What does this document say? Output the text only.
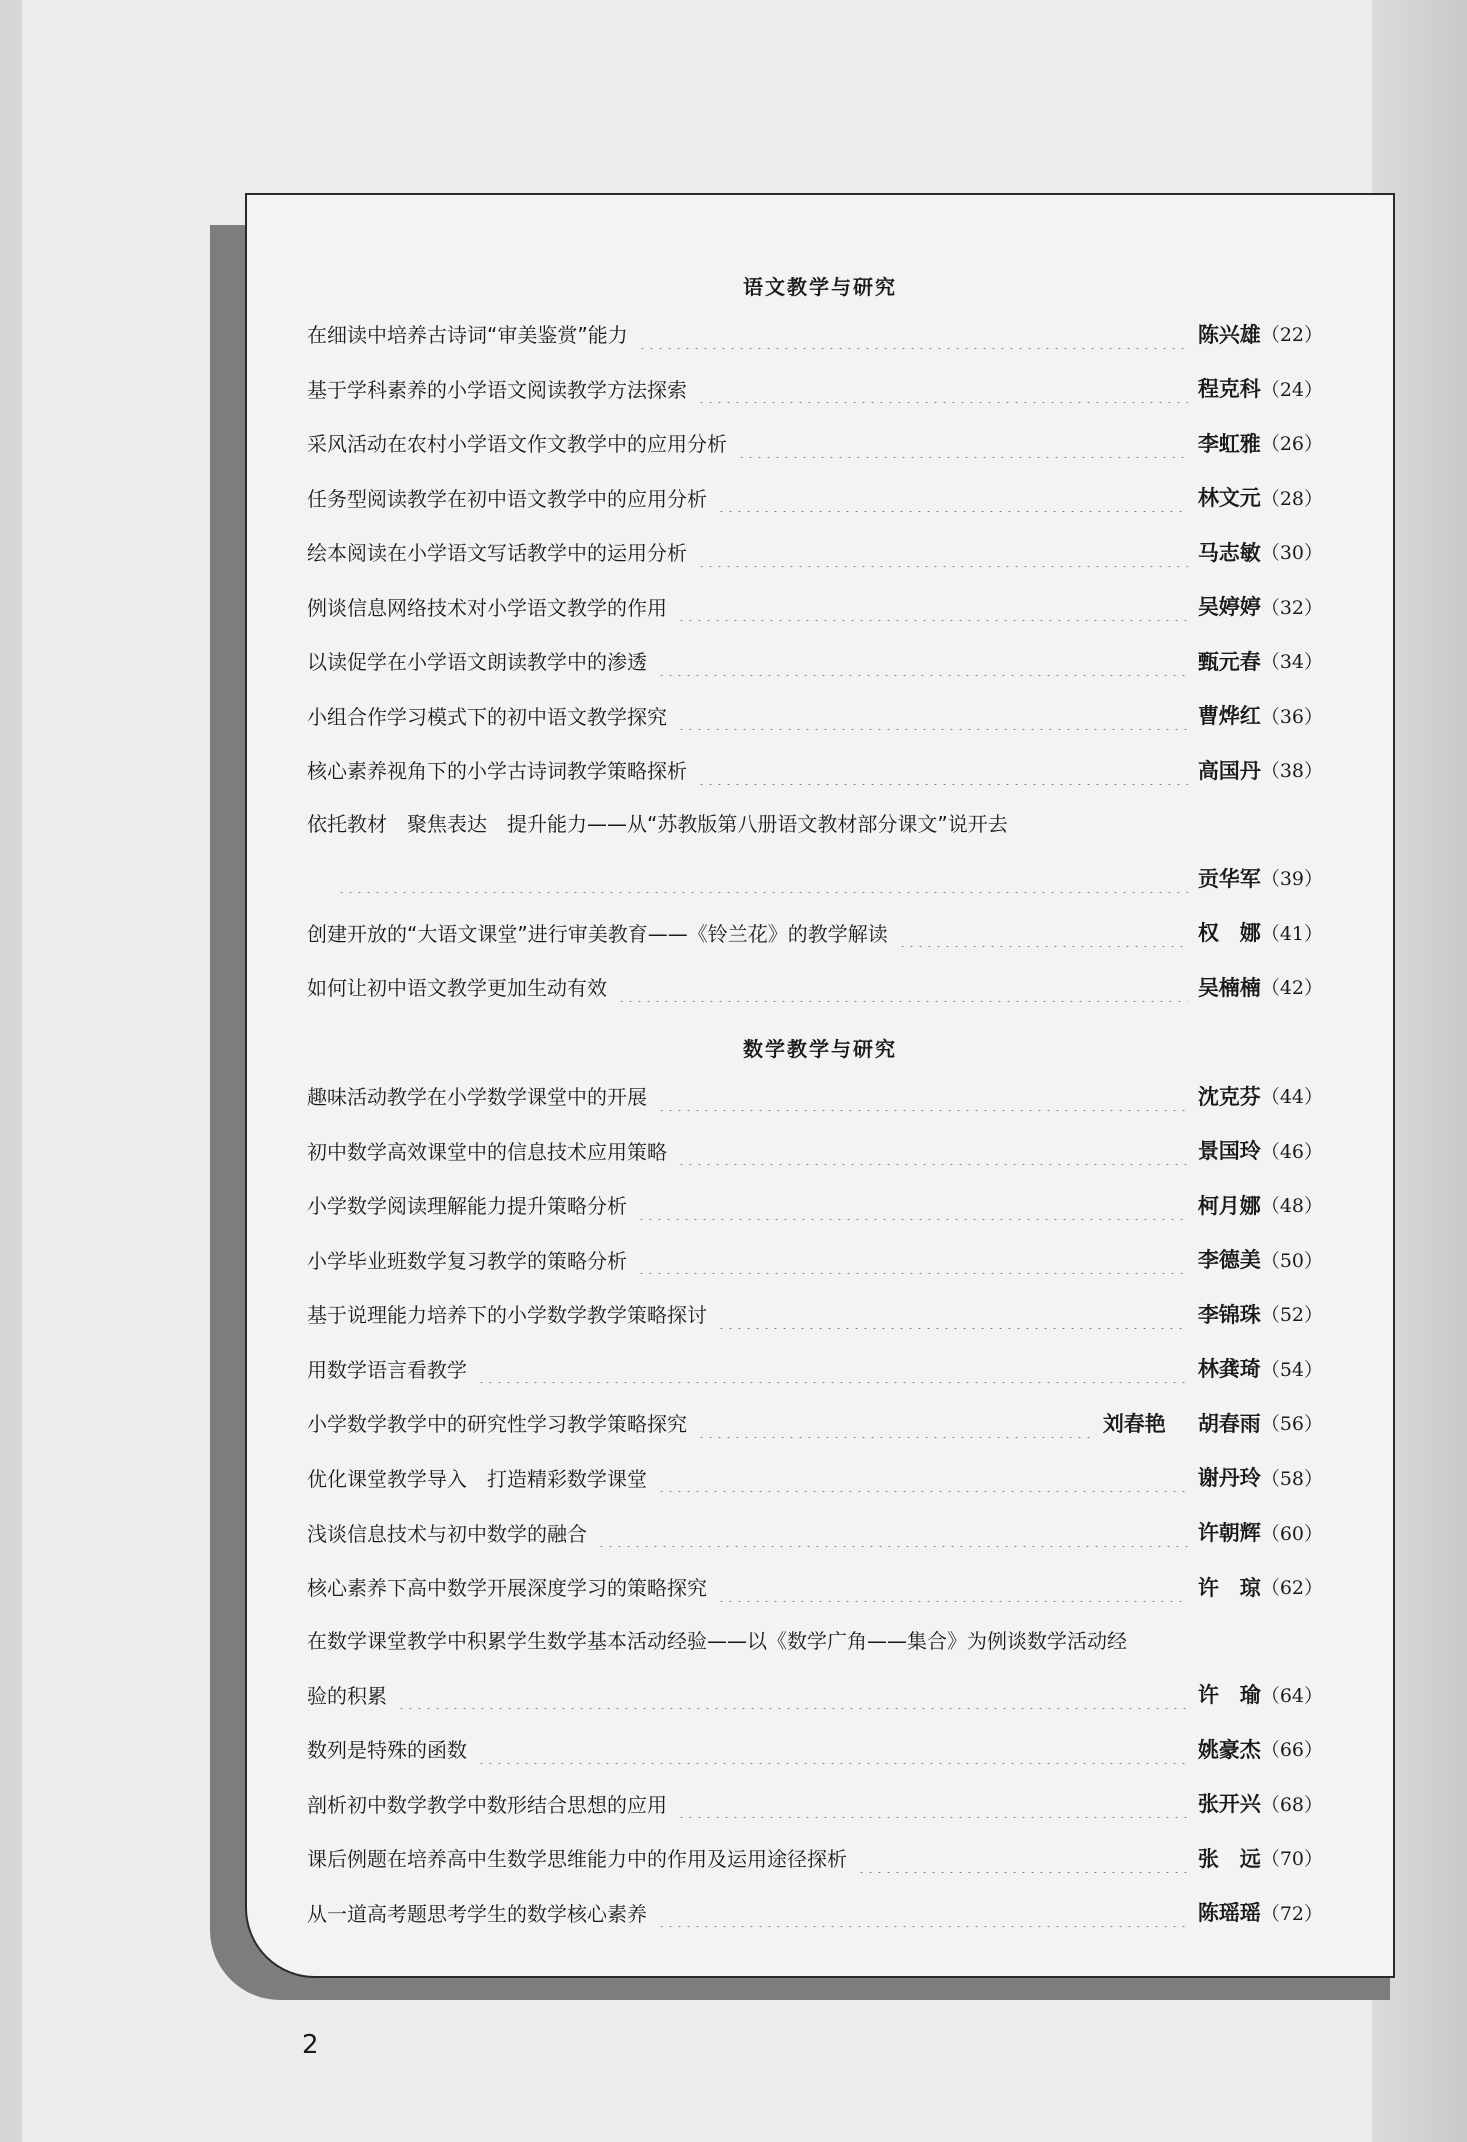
语文教学与研究
在细读中培养古诗词“审美鉴赏”能力	陈兴雄 （22）
基于学科素养的小学语文阅读教学方法探索	程克科 （24）
采风活动在农村小学语文作文教学中的应用分析	李虹雅 （26）
任务型阅读教学在初中语文教学中的应用分析	林文元 （28）
绘本阅读在小学语文写话教学中的运用分析	马志敏 （30）
例谈信息网络技术对小学语文教学的作用	吴婷婷 （32）
以读促学在小学语文朗读教学中的渗透	甄元春 （34）
小组合作学习模式下的初中语文教学探究	曹烨红 （36）
核心素养视角下的小学古诗词教学策略探析	高国丹 （38）
依托教材　聚焦表达　提升能力——从“苏教版第八册语文教材部分课文”说开去
贡华军 （39）
创建开放的“大语文课堂”进行审美教育——《铃兰花》的教学解读	权　娜 （41）
如何让初中语文教学更加生动有效	吴楠楠 （42）
数学教学与研究
趣味活动教学在小学数学课堂中的开展	沈克芬 （44）
初中数学高效课堂中的信息技术应用策略	景国玲 （46）
小学数学阅读理解能力提升策略分析	柯月娜 （48）
小学毕业班数学复习教学的策略分析	李德美 （50）
基于说理能力培养下的小学数学教学策略探讨	李锦珠 （52）
用数学语言看教学	林龚琦 （54）
小学数学教学中的研究性学习教学策略探究	刘春艳 胡春雨 （56）
优化课堂教学导入　打造精彩数学课堂	谢丹玲 （58）
浅谈信息技术与初中数学的融合	许朝辉 （60）
核心素养下高中数学开展深度学习的策略探究	许　琼 （62）
在数学课堂教学中积累学生数学基本活动经验——以《数学广角——集合》为例谈数学活动经
验的积累	许　瑜 （64）
数列是特殊的函数	姚豪杰 （66）
剖析初中数学教学中数形结合思想的应用	张开兴 （68）
课后例题在培养高中生数学思维能力中的作用及运用途径探析	张　远 （70）
从一道高考题思考学生的数学核心素养	陈瑶瑶 （72）
2
